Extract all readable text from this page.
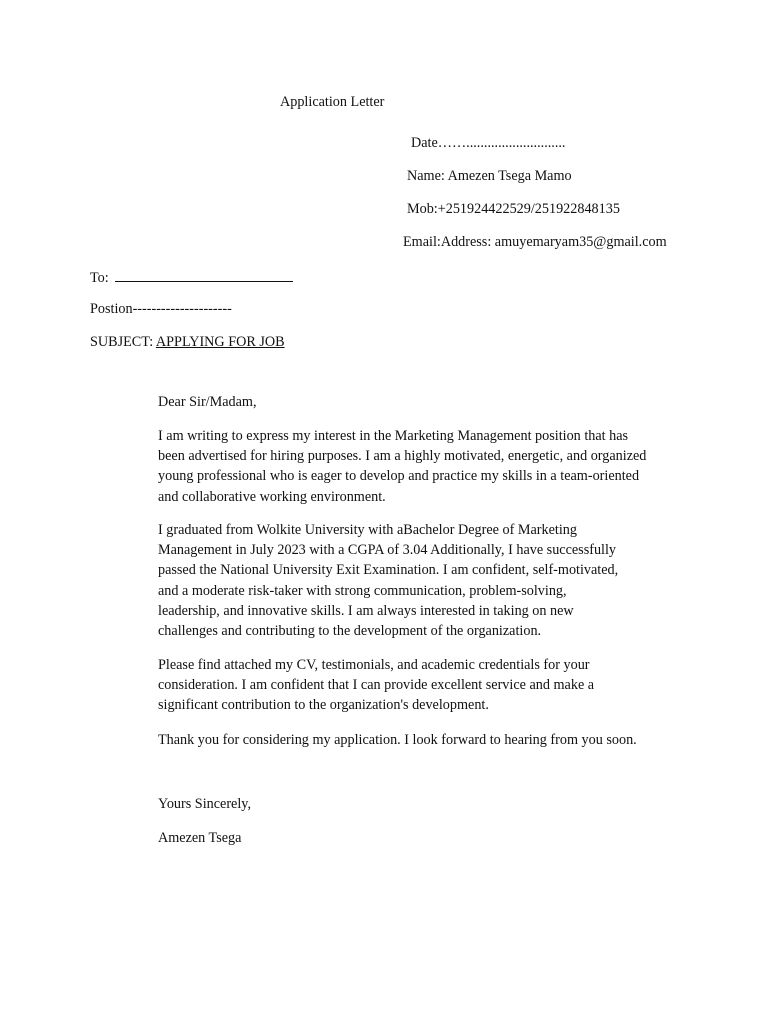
Application Letter
Date……............................
Name: Amezen Tsega Mamo
Mob:+251924422529/251922848135
Email:Address: amuyemaryam35@gmail.com
To:
Postion---------------------
SUBJECT: APPLYING FOR JOB
Dear Sir/Madam,
I am writing to express my interest in the Marketing Management position that has
been advertised for hiring purposes. I am a highly motivated, energetic, and organized
young professional who is eager to develop and practice my skills in a team-oriented
and collaborative working environment.
I graduated from Wolkite University with aBachelor Degree of Marketing
Management in July 2023 with a CGPA of 3.04 Additionally, I have successfully
passed the National University Exit Examination. I am confident, self-motivated,
and a moderate risk-taker with strong communication, problem-solving,
leadership, and innovative skills. I am always interested in taking on new
challenges and contributing to the development of the organization.
Please find attached my CV, testimonials, and academic credentials for your
consideration. I am confident that I can provide excellent service and make a
significant contribution to the organization's development.
Thank you for considering my application. I look forward to hearing from you soon.
Yours Sincerely,
Amezen Tsega
